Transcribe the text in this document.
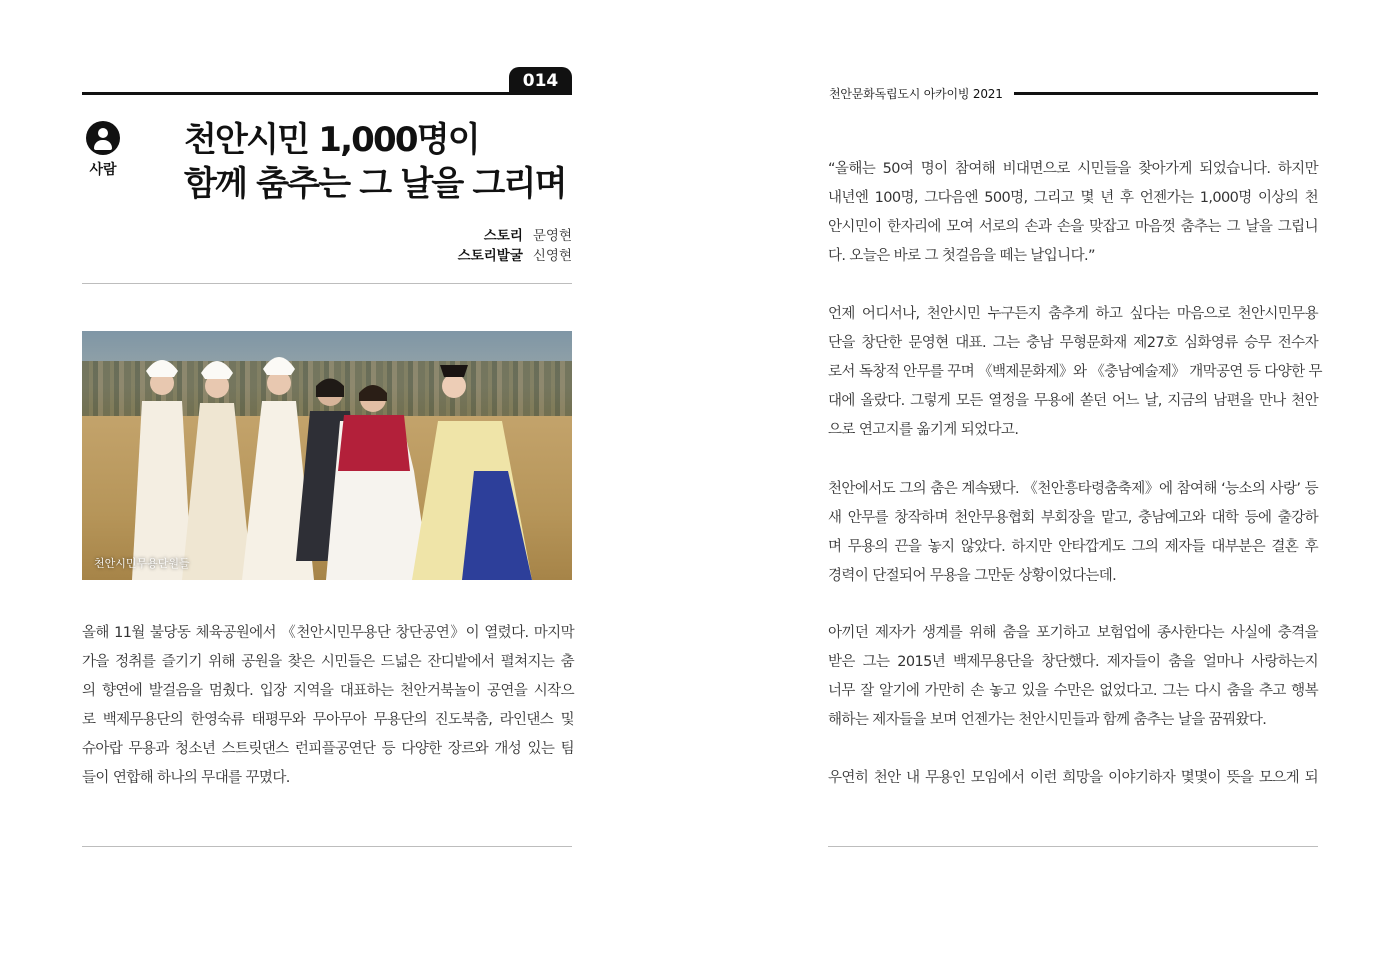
014
사람
천안시민 1,000명이
함께 춤추는 그 날을 그리며
스토리 문영현
스토리발굴 신영현
천안시민무용단원들
올해 11월 불당동 체육공원에서 《천안시민무용단 창단공연》이 열렸다. 마지막
가을 정취를 즐기기 위해 공원을 찾은 시민들은 드넓은 잔디밭에서 펼쳐지는 춤
의 향연에 발걸음을 멈췄다. 입장 지역을 대표하는 천안거북놀이 공연을 시작으
로 백제무용단의 한영숙류 태평무와 무아무아 무용단의 진도북춤, 라인댄스 및
슈아랍 무용과 청소년 스트릿댄스 런피플공연단 등 다양한 장르와 개성 있는 팀
들이 연합해 하나의 무대를 꾸몄다.
천안문화독립도시 아카이빙 2021
“올해는 50여 명이 참여해 비대면으로 시민들을 찾아가게 되었습니다. 하지만
내년엔 100명, 그다음엔 500명, 그리고 몇 년 후 언젠가는 1,000명 이상의 천
안시민이 한자리에 모여 서로의 손과 손을 맞잡고 마음껏 춤추는 그 날을 그립니
다. 오늘은 바로 그 첫걸음을 떼는 날입니다.”
언제 어디서나, 천안시민 누구든지 춤추게 하고 싶다는 마음으로 천안시민무용
단을 창단한 문영현 대표. 그는 충남 무형문화재 제27호 심화영류 승무 전수자
로서 독창적 안무를 꾸며 《백제문화제》와 《충남예술제》 개막공연 등 다양한 무
대에 올랐다. 그렇게 모든 열정을 무용에 쏟던 어느 날, 지금의 남편을 만나 천안
으로 연고지를 옮기게 되었다고.
천안에서도 그의 춤은 계속됐다. 《천안흥타령춤축제》에 참여해 ‘능소의 사랑’ 등
새 안무를 창작하며 천안무용협회 부회장을 맡고, 충남예고와 대학 등에 출강하
며 무용의 끈을 놓지 않았다. 하지만 안타깝게도 그의 제자들 대부분은 결혼 후
경력이 단절되어 무용을 그만둔 상황이었다는데.
아끼던 제자가 생계를 위해 춤을 포기하고 보험업에 종사한다는 사실에 충격을
받은 그는 2015년 백제무용단을 창단했다. 제자들이 춤을 얼마나 사랑하는지
너무 잘 알기에 가만히 손 놓고 있을 수만은 없었다고. 그는 다시 춤을 추고 행복
해하는 제자들을 보며 언젠가는 천안시민들과 함께 춤추는 날을 꿈꿔왔다.
우연히 천안 내 무용인 모임에서 이런 희망을 이야기하자 몇몇이 뜻을 모으게 되
